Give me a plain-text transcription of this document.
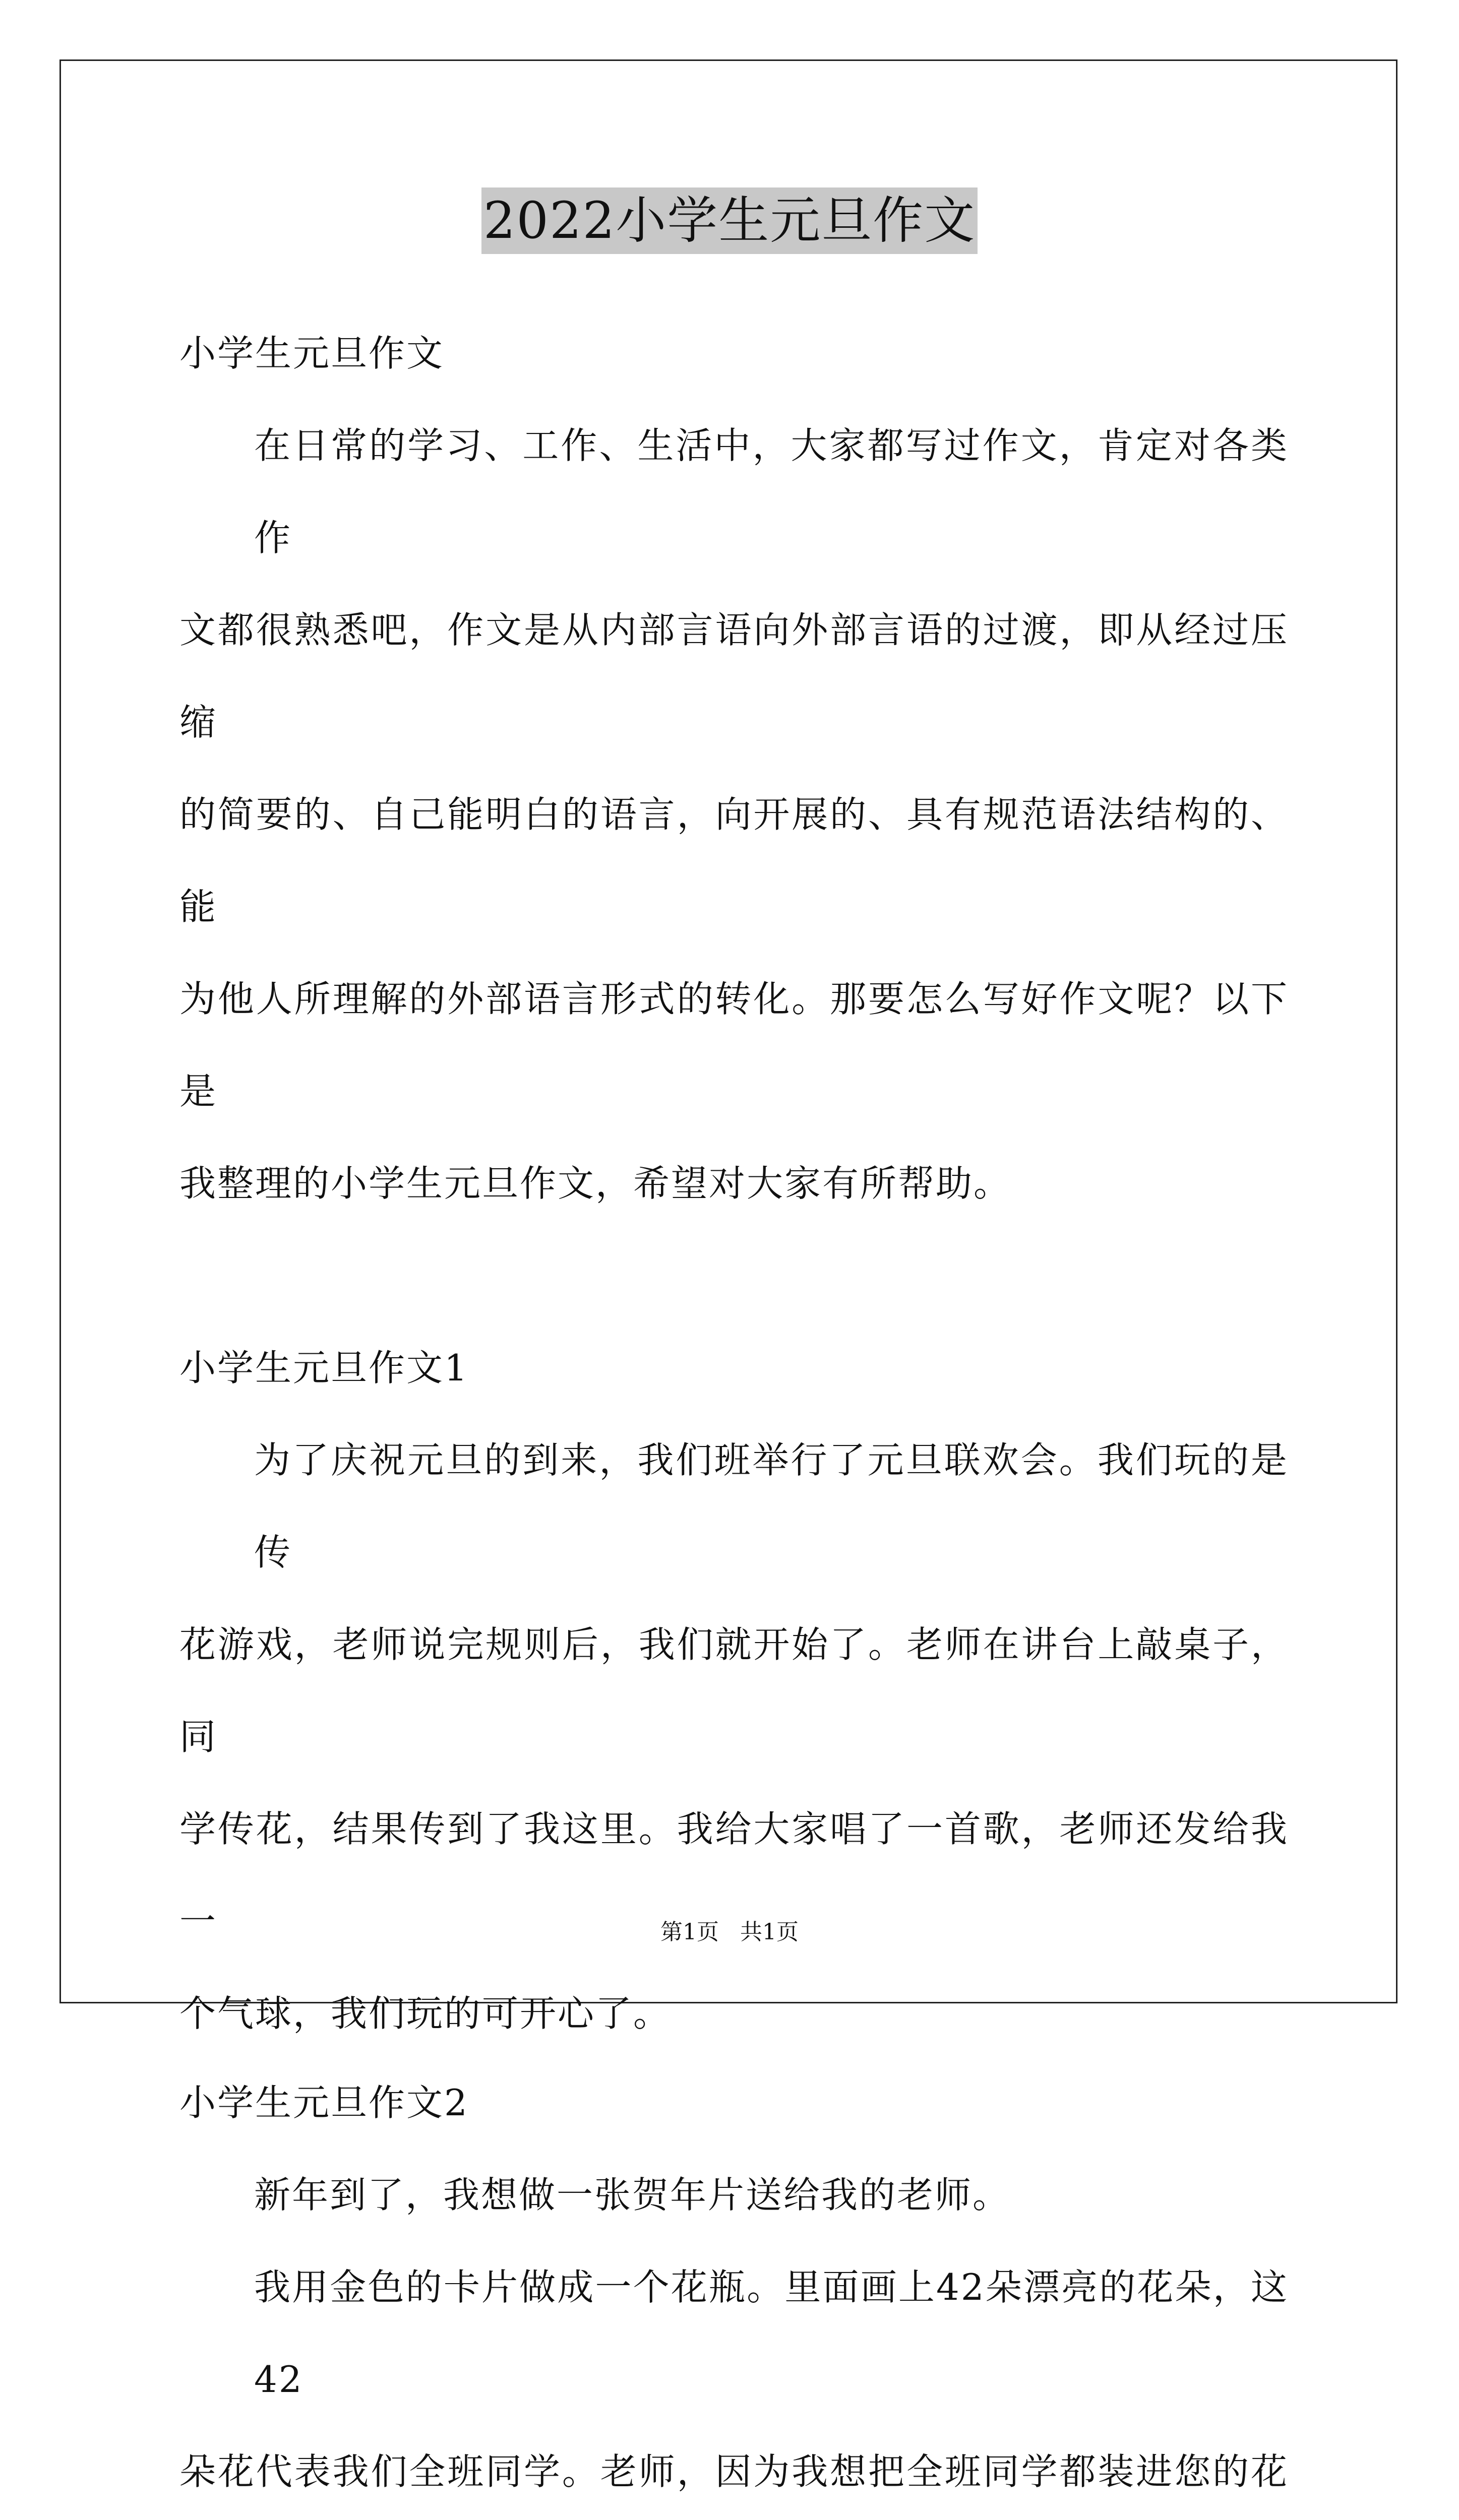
2022小学生元旦作文

小学生元旦作文

在日常的学习、工作、生活中，大家都写过作文，肯定对各类作

文都很熟悉吧，作文是从内部言语向外部言语的过渡，即从经过压缩

的简要的、自己能明白的语言，向开展的、具有规范语法结构的、能

为他人所理解的外部语言形式的转化。那要怎么写好作文呢？以下是

我整理的小学生元旦作文，希望对大家有所帮助。

小学生元旦作文1

为了庆祝元旦的到来，我们班举行了元旦联欢会。我们玩的是传

花游戏，老师说完规则后，我们就开始了。老师在讲台上敲桌子，同

学传花，结果传到了我这里。我给大家唱了一首歌，老师还发给我一

个气球，我们玩的可开心了。

小学生元旦作文2

新年到了，我想做一张贺年片送给我的老师。

我用金色的卡片做成一个花瓶。里面画上42朵漂亮的花朵，这42

朵花代表我们全班同学。老师，因为我想把全班同学都装进您的花

第1页   共1页
